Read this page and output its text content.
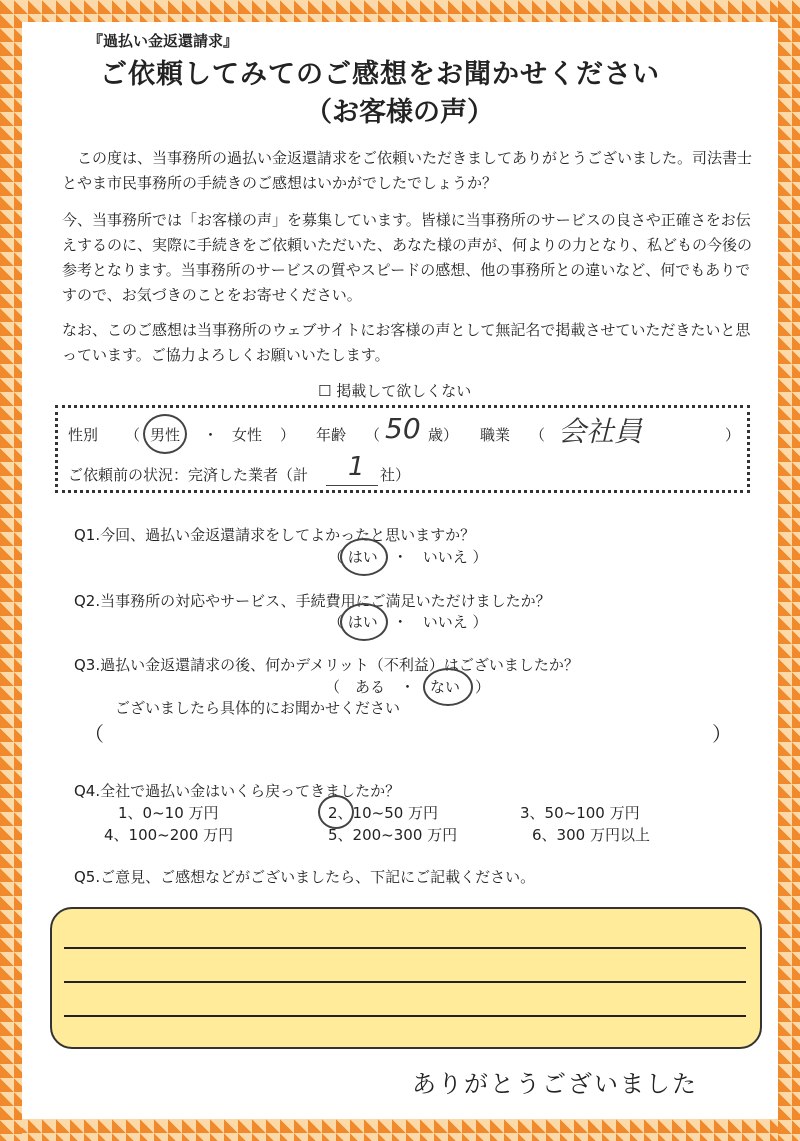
『過払い金返還請求』
ご依頼してみてのご感想をお聞かせください
（お客様の声）
　この度は、当事務所の過払い金返還請求をご依頼いただきましてありがとうございました。司法書士とやま市民事務所の手続きのご感想はいかがでしたでしょうか？
今、当事務所では「お客様の声」を募集しています。皆様に当事務所のサービスの良さや正確さをお伝えするのに、実際に手続きをご依頼いただいた、あなた様の声が、何よりの力となり、私どもの今後の参考となります。当事務所のサービスの質やスピードの感想、他の事務所との違いなど、何でもありですので、お気づきのことをお寄せください。
なお、このご感想は当事務所のウェブサイトにお客様の声として無記名で掲載させていただきたいと思っています。ご協力よろしくお願いいたします。
☐ 掲載して欲しくない
性別 （ 男性 ・ 女性 ） 年齢 （ 50 歳） 職業 （ 会社員	）
ご依頼前の状況：完済した業者（計 1 社）
Q1.今回、過払い金返還請求をしてよかったと思いますか？
（ はい　・　いいえ ）
Q2.当事務所の対応やサービス、手続費用にご満足いただけましたか？
（ はい　・　いいえ ）
Q3.過払い金返還請求の後、何かデメリット（不利益）はございましたか？
（　ある　・　ない　）
ございましたら具体的にお聞かせください
（	）
Q4.全社で過払い金はいくら戻ってきましたか？
1、0~10 万円	2、10~50 万円	3、50~100 万円
4、100~200 万円	5、200~300 万円	6、300 万円以上
Q5.ご意見、ご感想などがございましたら、下記にご記載ください。
ありがとうございました
